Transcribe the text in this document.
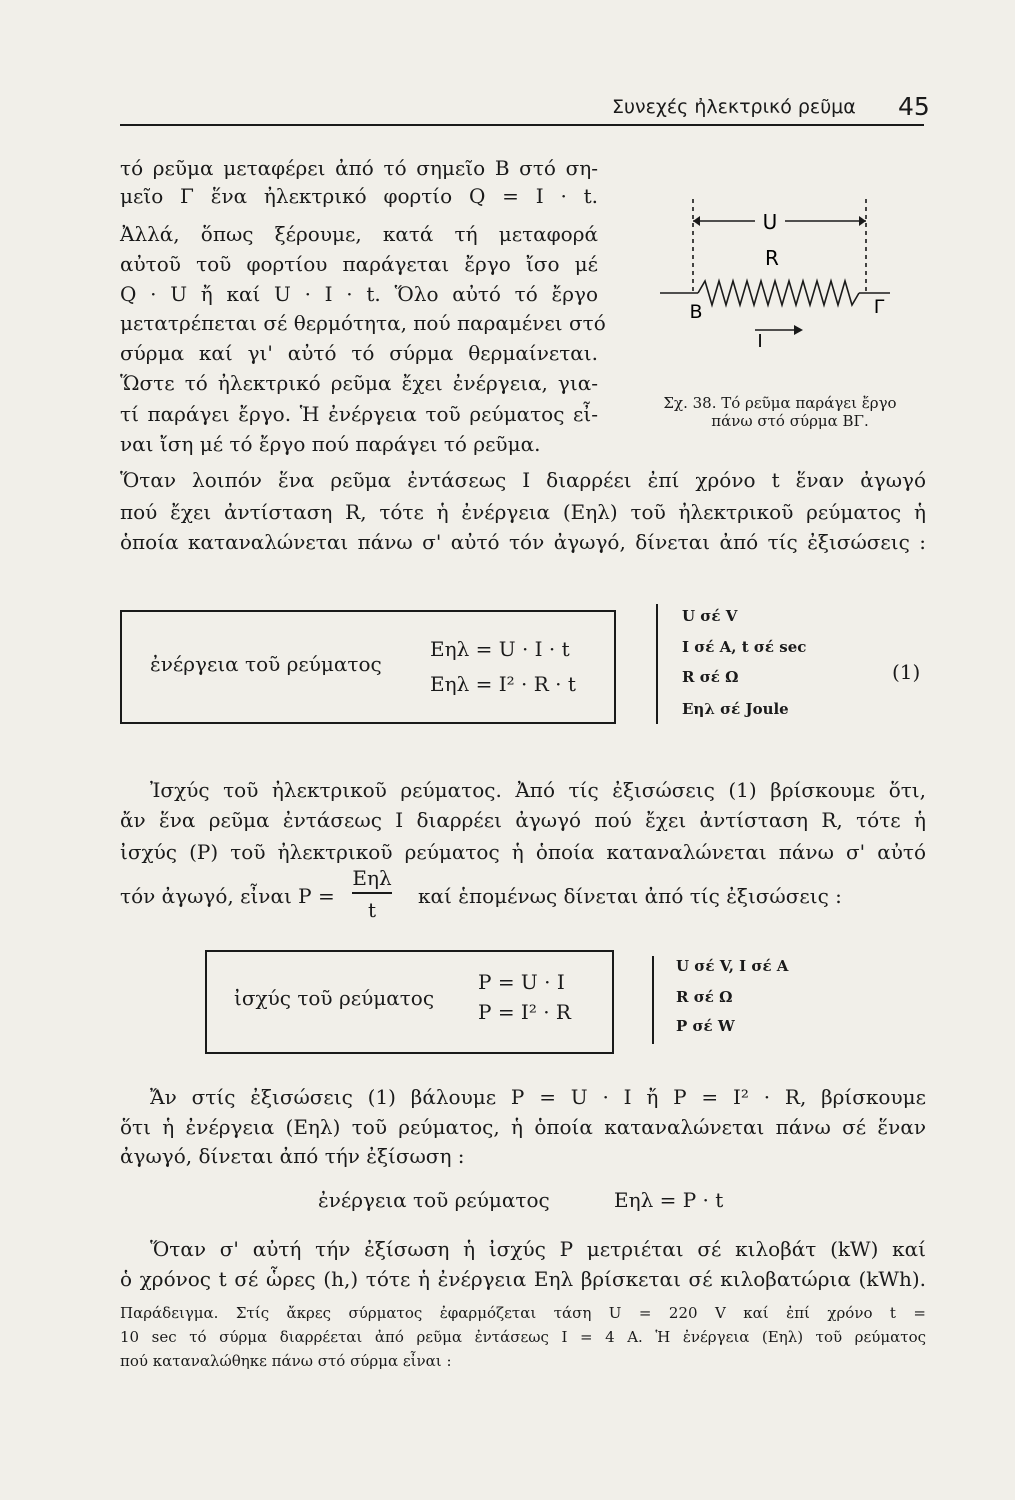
Συνεχές ἠλεκτρικό ρεῦμα 45
τό ρεῦμα μεταφέρει ἀπό τό σημεῖο Β στό ση-
μεῖο Γ ἕνα ἠλεκτρικό φορτίο Q = I · t.
Ἀλλά, ὅπως ξέρουμε, κατά τή μεταφορά
αὐτοῦ τοῦ φορτίου παράγεται ἔργο ἴσο μέ
Q · U ἤ καί U · I · t. Ὅλο αὐτό τό ἔργο
μετατρέπεται σέ θερμότητα, πού παραμένει στό
σύρμα καί γι' αὐτό τό σύρμα θερμαίνεται.
Ὥστε τό ἠλεκτρικό ρεῦμα ἔχει ἐνέργεια, για-
τί παράγει ἔργο. Ἡ ἐνέργεια τοῦ ρεύματος εἶ-
ναι ἴση μέ τό ἔργο πού παράγει τό ρεῦμα.
U
R
I
Β	Γ
Σχ. 38. Τό ρεῦμα παράγει ἔργο
πάνω στό σύρμα ΒΓ.
Ὅταν λοιπόν ἕνα ρεῦμα ἐντάσεως I διαρρέει ἐπί χρόνο t ἕναν ἀγωγό
πού ἔχει ἀντίσταση R, τότε ἡ ἐνέργεια (Εηλ) τοῦ ἠλεκτρικοῦ ρεύματος ἡ
ὁποία καταναλώνεται πάνω σ' αὐτό τόν ἀγωγό, δίνεται ἀπό τίς ἐξισώσεις :
ἐνέργεια τοῦ ρεύματος
Εηλ = U · I · t
Εηλ = I² · R · t
U σέ V
I σέ A, t σέ sec
R σέ Ω
Εηλ σέ Joule
(1)
Ἰσχύς τοῦ ἠλεκτρικοῦ ρεύματος. Ἀπό τίς ἐξισώσεις (1) βρίσκουμε ὅτι,
ἄν ἕνα ρεῦμα ἐντάσεως I διαρρέει ἀγωγό πού ἔχει ἀντίσταση R, τότε ἡ
ἰσχύς (P) τοῦ ἠλεκτρικοῦ ρεύματος ἡ ὁποία καταναλώνεται πάνω σ' αὐτό
τόν ἀγωγό, εἶναι P =
Εηλ
t
καί ἑπομένως δίνεται ἀπό τίς ἐξισώσεις :
ἰσχύς τοῦ ρεύματος
P = U · I
P = I² · R
U σέ V, I σέ A
R σέ Ω
P σέ W
Ἄν στίς ἐξισώσεις (1) βάλουμε P = U · I ἤ P = I² · R, βρίσκουμε
ὅτι ἡ ἐνέργεια (Εηλ) τοῦ ρεύματος, ἡ ὁποία καταναλώνεται πάνω σέ ἕναν
ἀγωγό, δίνεται ἀπό τήν ἐξίσωση :
ἐνέργεια τοῦ ρεύματος	Εηλ = P · t
Ὅταν σ' αὐτή τήν ἐξίσωση ἡ ἰσχύς P μετριέται σέ κιλοβάτ (kW) καί
ὁ χρόνος t σέ ὧρες (h,) τότε ἡ ἐνέργεια Εηλ βρίσκεται σέ κιλοβατώρια (kWh).
Παράδειγμα. Στίς ἄκρες σύρματος ἐφαρμόζεται τάση U = 220 V καί ἐπί χρόνο t =
10 sec τό σύρμα διαρρέεται ἀπό ρεῦμα ἐντάσεως I = 4 A. Ἡ ἐνέργεια (Εηλ) τοῦ ρεύματος
πού καταναλώθηκε πάνω στό σύρμα εἶναι :
